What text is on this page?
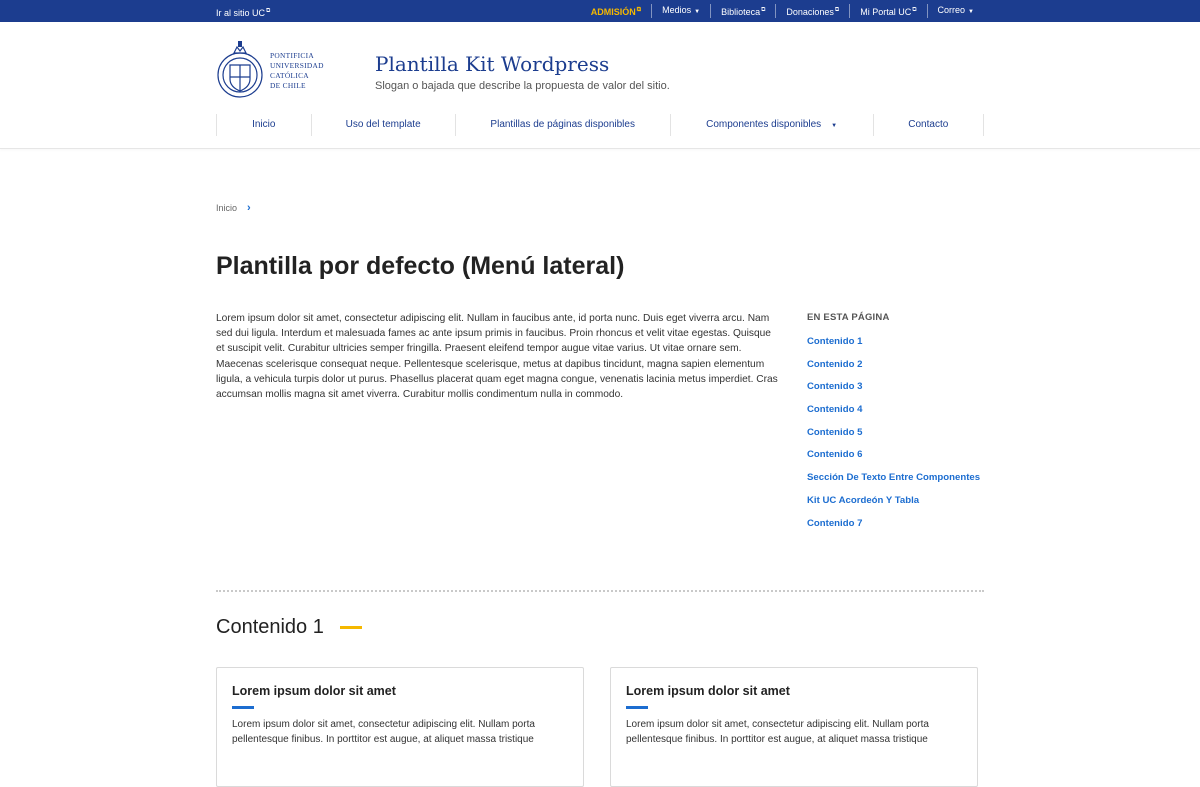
Ir al sitio UC⧉	ADMISIÓN⧉	Medios ▼	Biblioteca⧉	Donaciones⧉	Mi Portal UC⧉	Correo ▼
PONTIFICIA
UNIVERSIDAD
CATÓLICA
DE CHILE
Plantilla Kit Wordpress
Slogan o bajada que describe la propuesta de valor del sitio.
Inicio	Uso del template	Plantillas de páginas disponibles	Componentes disponibles ▼	Contacto
Inicio ›
Plantilla por defecto (Menú lateral)

Lorem ipsum dolor sit amet, consectetur adipiscing elit. Nullam in faucibus ante, id porta nunc. Duis eget viverra arcu. Nam sed dui ligula. Interdum et malesuada fames ac ante ipsum primis in faucibus. Proin rhoncus et velit vitae egestas. Quisque et suscipit velit. Curabitur ultricies semper fringilla. Praesent eleifend tempor augue vitae varius. Ut vitae ornare sem. Maecenas scelerisque consequat neque. Pellentesque scelerisque, metus at dapibus tincidunt, magna sapien elementum ligula, a vehicula turpis dolor ut purus. Phasellus placerat quam eget magna congue, venenatis lacinia metus imperdiet. Cras accumsan mollis magna sit amet viverra. Curabitur mollis condimentum nulla in commodo.

EN ESTA PÁGINA
Contenido 1
Contenido 2
Contenido 3
Contenido 4
Contenido 5
Contenido 6
Sección De Texto Entre Componentes
Kit UC Acordeón Y Tabla
Contenido 7
Contenido 1
Lorem ipsum dolor sit amet

Lorem ipsum dolor sit amet, consectetur adipiscing elit. Nullam porta pellentesque finibus. In porttitor est augue, at aliquet massa tristique

Lorem ipsum dolor sit amet

Lorem ipsum dolor sit amet, consectetur adipiscing elit. Nullam porta pellentesque finibus. In porttitor est augue, at aliquet massa tristique
